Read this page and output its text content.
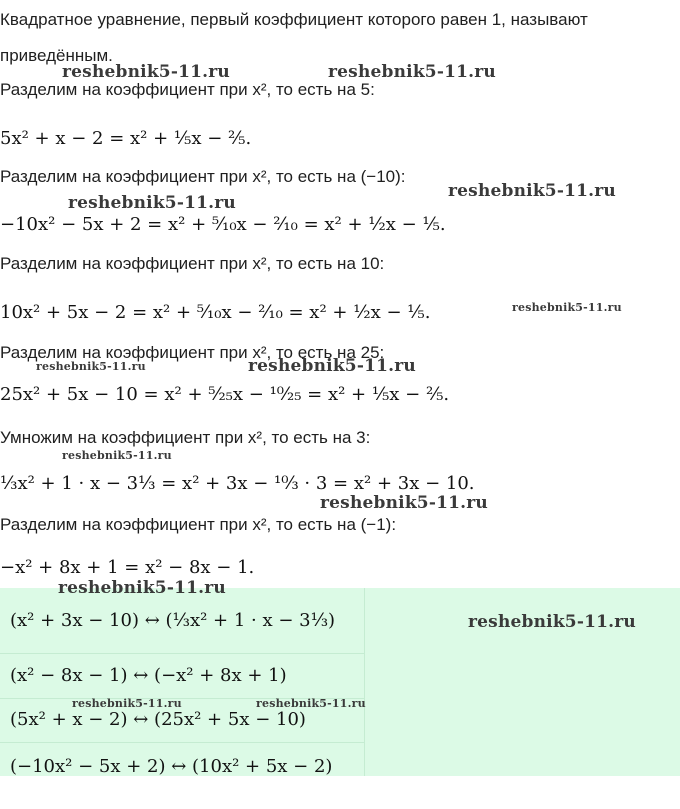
Квадратное уравнение, первый коэффициент которого равен 1, называют
приведённым.
Разделим на коэффициент при x², то есть на 5:
5x² + x − 2 = x² + ¹⁄₅x − ²⁄₅.
Разделим на коэффициент при x², то есть на (−10):
−10x² − 5x + 2 = x² + ⁵⁄₁₀x − ²⁄₁₀ = x² + ¹⁄₂x − ¹⁄₅.
Разделим на коэффициент при x², то есть на 10:
10x² + 5x − 2 = x² + ⁵⁄₁₀x − ²⁄₁₀ = x² + ¹⁄₂x − ¹⁄₅.
Разделим на коэффициент при x², то есть на 25:
25x² + 5x − 10 = x² + ⁵⁄₂₅x − ¹⁰⁄₂₅ = x² + ¹⁄₅x − ²⁄₅.
Умножим на коэффициент при x², то есть на 3:
¹⁄₃x² + 1 · x − 3¹⁄₃ = x² + 3x − ¹⁰⁄₃ · 3 = x² + 3x − 10.
Разделим на коэффициент при x², то есть на (−1):
−x² + 8x + 1 = x² − 8x − 1.
(x² + 3x − 10) ↔ (¹⁄₃x² + 1 · x − 3¹⁄₃)
(x² − 8x − 1) ↔ (−x² + 8x + 1)
(5x² + x − 2) ↔ (25x² + 5x − 10)
(−10x² − 5x + 2) ↔ (10x² + 5x − 2)
reshebnik5-11.ru	reshebnik5-11.ru
reshebnik5-11.ru
reshebnik5-11.ru
reshebnik5-11.ru
reshebnik5-11.ru	reshebnik5-11.ru
reshebnik5-11.ru
reshebnik5-11.ru
reshebnik5-11.ru
reshebnik5-11.ru
reshebnik5-11.ru	reshebnik5-11.ru
